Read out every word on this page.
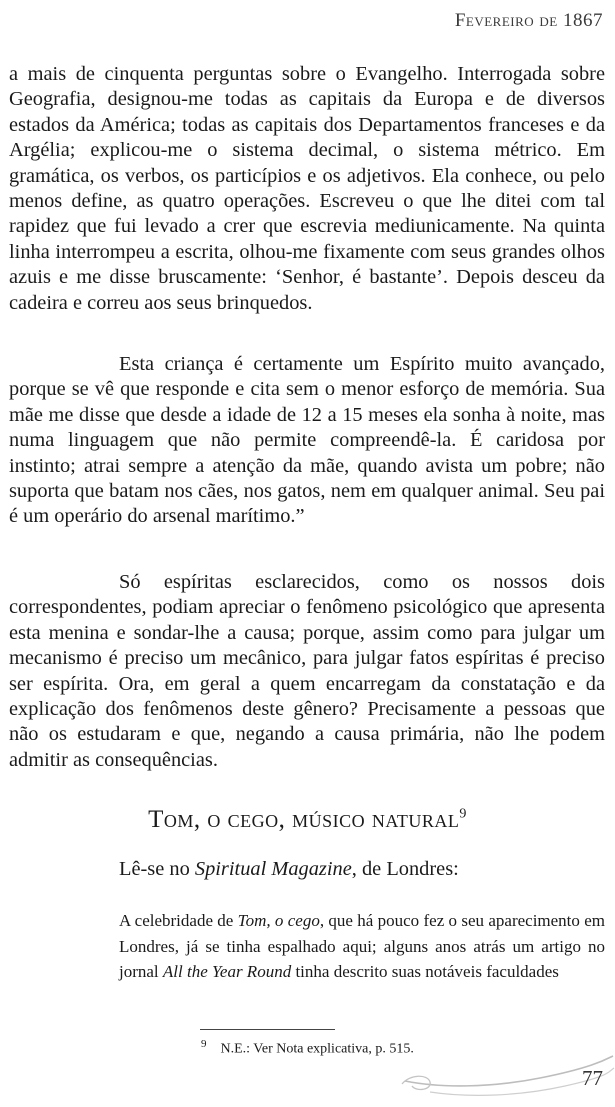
Fevereiro de 1867
a mais de cinquenta perguntas sobre o Evangelho. Interrogada sobre Geografia, designou-me todas as capitais da Europa e de diversos estados da América; todas as capitais dos Departamentos franceses e da Argélia; explicou-me o sistema decimal, o sistema métrico. Em gramática, os verbos, os particípios e os adjetivos. Ela conhece, ou pelo menos define, as quatro operações. Escreveu o que lhe ditei com tal rapidez que fui levado a crer que escrevia mediunicamente. Na quinta linha interrompeu a escrita, olhou-me fixamente com seus grandes olhos azuis e me disse bruscamente: ‘Senhor, é bastante’. Depois desceu da cadeira e correu aos seus brinquedos.
Esta criança é certamente um Espírito muito avançado, porque se vê que responde e cita sem o menor esforço de memória. Sua mãe me disse que desde a idade de 12 a 15 meses ela sonha à noite, mas numa linguagem que não permite compreendê-la. É caridosa por instinto; atrai sempre a atenção da mãe, quando avista um pobre; não suporta que batam nos cães, nos gatos, nem em qualquer animal. Seu pai é um operário do arsenal marítimo.”
Só espíritas esclarecidos, como os nossos dois correspondentes, podiam apreciar o fenômeno psicológico que apresenta esta menina e sondar-lhe a causa; porque, assim como para julgar um mecanismo é preciso um mecânico, para julgar fatos espíritas é preciso ser espírita. Ora, em geral a quem encarregam da constatação e da explicação dos fenômenos deste gênero? Precisamente a pessoas que não os estudaram e que, negando a causa primária, não lhe podem admitir as consequências.
Tom, o cego, músico natural$^9$
Lê-se no Spiritual Magazine, de Londres:
A celebridade de Tom, o cego, que há pouco fez o seu aparecimento em Londres, já se tinha espalhado aqui; alguns anos atrás um artigo no jornal All the Year Round tinha descrito suas notáveis faculdades
$^9$ N.E.: Ver Nota explicativa, p. 515.
77
